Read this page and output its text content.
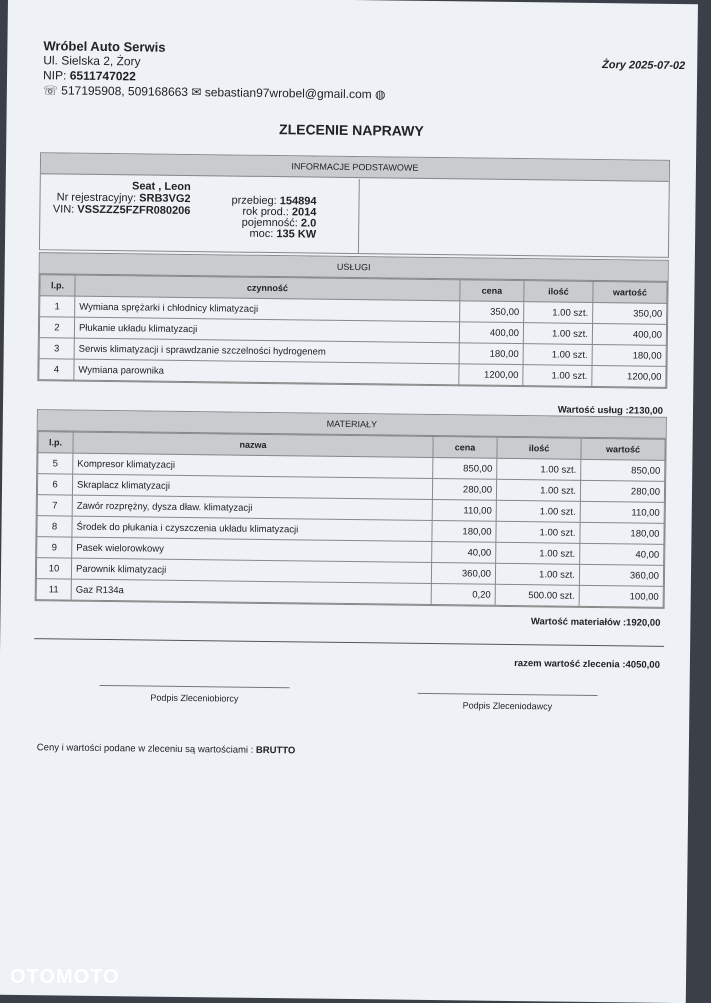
Wróbel Auto Serwis
Ul. Sielska 2, Żory
NIP: 6511747022
☏ 517195908, 509168663 ✉ sebastian97wrobel@gmail.com ◍
Żory 2025-07-02
ZLECENIE NAPRAWY
INFORMACJE PODSTAWOWE
Seat , Leon
Nr rejestracyjny: SRB3VG2
VIN: VSSZZZ5FZFR080206
przebieg: 154894
rok prod.: 2014
pojemność: 2.0
moc: 135 KW
USŁUGI
l.p.	czynność	cena	ilość	wartość
1	Wymiana sprężarki i chłodnicy klimatyzacji	350,00	1.00 szt.	350,00
2	Płukanie układu klimatyzacji	400,00	1.00 szt.	400,00
3	Serwis klimatyzacji i sprawdzanie szczelności hydrogenem	180,00	1.00 szt.	180,00
4	Wymiana parownika	1200,00	1.00 szt.	1200,00
Wartość usług :2130,00
MATERIAŁY
l.p.	nazwa	cena	ilość	wartość
5	Kompresor klimatyzacji	850,00	1.00 szt.	850,00
6	Skraplacz klimatyzacji	280,00	1.00 szt.	280,00
7	Zawór rozprężny, dysza dław. klimatyzacji	110,00	1.00 szt.	110,00
8	Środek do płukania i czyszczenia układu klimatyzacji	180,00	1.00 szt.	180,00
9	Pasek wielorowkowy	40,00	1.00 szt.	40,00
10	Parownik klimatyzacji	360,00	1.00 szt.	360,00
11	Gaz R134a	0,20	500.00 szt.	100,00
Wartość materiałów :1920,00
razem wartość zlecenia :4050,00
Podpis Zleceniobiorcy
Podpis Zleceniodawcy
Ceny i wartości podane w zleceniu są wartościami : BRUTTO
OTOMOTO
